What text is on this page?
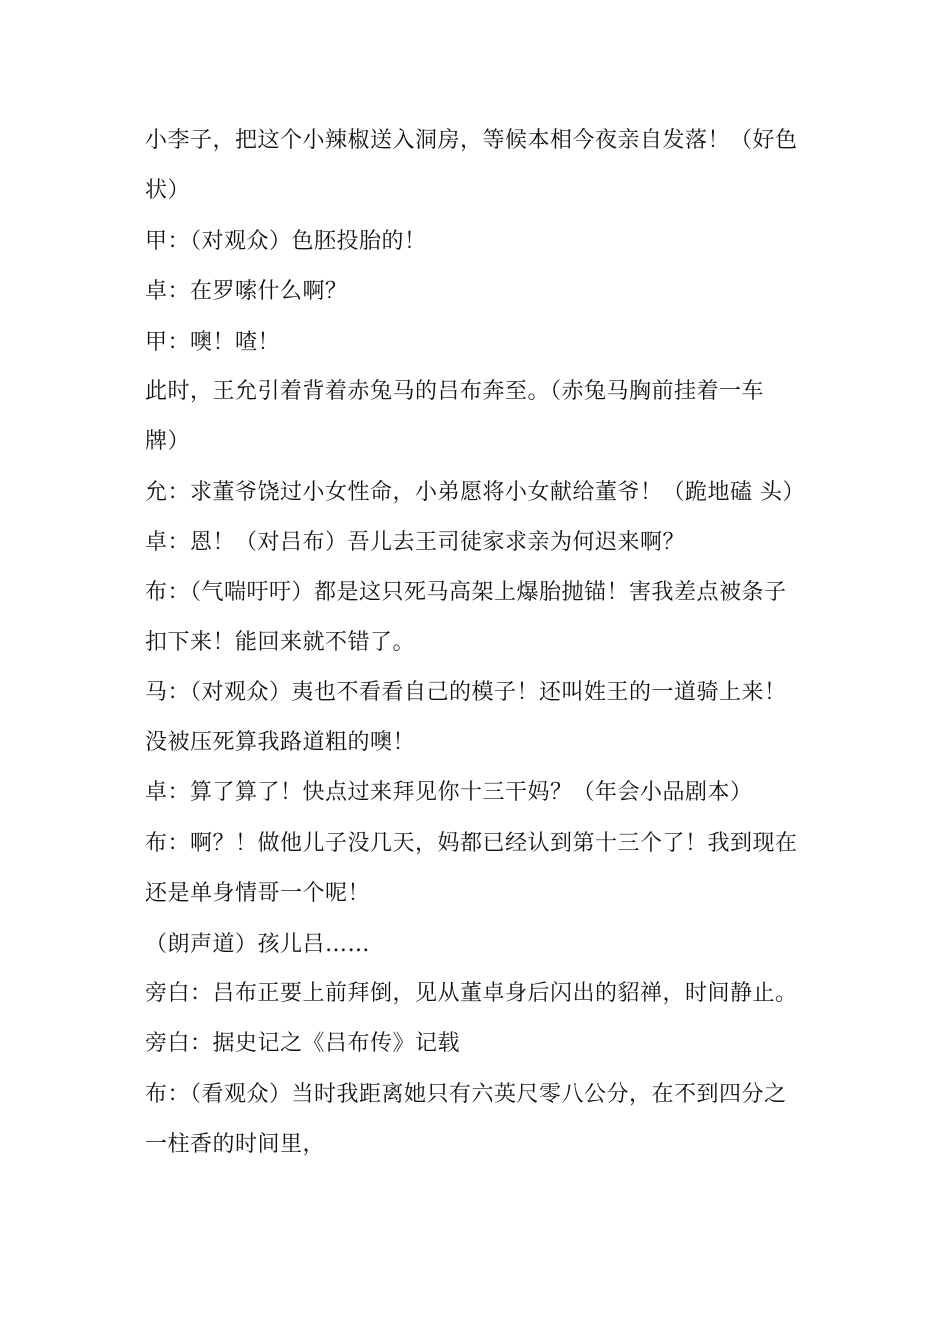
小李子，把这个小辣椒送入洞房，等候本相今夜亲自发落！（好色
状）
甲：（对观众）色胚投胎的！
卓：在罗嗦什么啊？
甲：噢！喳！
此时，王允引着背着赤兔马的吕布奔至。（赤兔马胸前挂着一车
牌）
允：求董爷饶过小女性命，小弟愿将小女献给董爷！（跪地磕 头）
卓：恩！（对吕布）吾儿去王司徒家求亲为何迟来啊？
布：（气喘吁吁）都是这只死马高架上爆胎抛锚！害我差点被条子
扣下来！能回来就不错了。
马：（对观众）夷也不看看自己的模子！还叫姓王的一道骑上来！
没被压死算我路道粗的噢！
卓：算了算了！快点过来拜见你十三干妈？（年会小品剧本）
布：啊？！做他儿子没几天，妈都已经认到第十三个了！我到现在
还是单身情哥一个呢！
（朗声道）孩儿吕……
旁白：吕布正要上前拜倒，见从董卓身后闪出的貂禅，时间静止。
旁白：据史记之《吕布传》记载
布：（看观众）当时我距离她只有六英尺零八公分，在不到四分之
一柱香的时间里，
